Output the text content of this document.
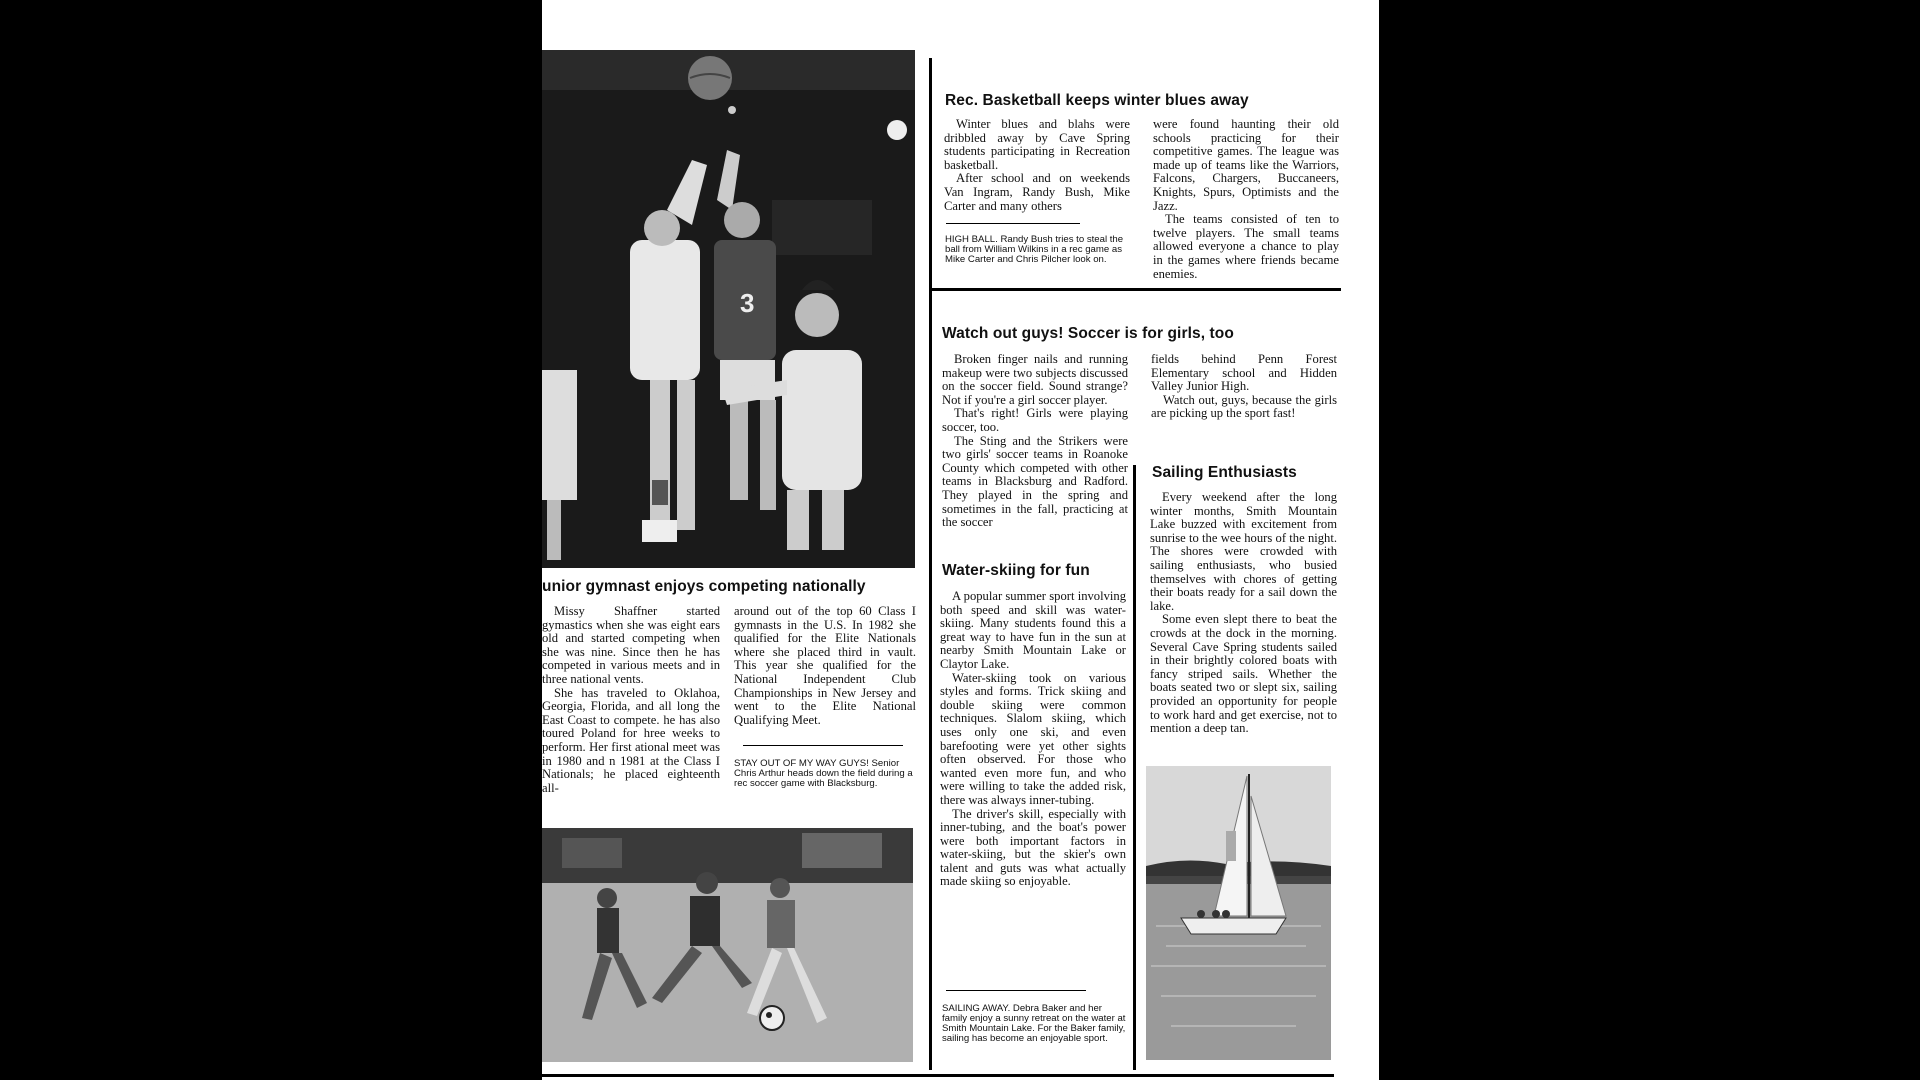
3
Rec. Basketball keeps winter blues away

Winter blues and blahs were dribbled away by Cave Spring students participating in Recreation basketball.

After school and on weekends Van Ingram, Randy Bush, Mike Carter and many others

were found haunting their old schools practicing for their competitive games. The league was made up of teams like the Warriors, Falcons, Chargers, Buccaneers, Knights, Spurs, Optimists and the Jazz.

The teams consisted of ten to twelve players. The small teams allowed everyone a chance to play in the games where friends became enemies.

HIGH BALL. Randy Bush tries to steal the ball from William Wilkins in a rec game as Mike Carter and Chris Pilcher look on.

Watch out guys! Soccer is for girls, too

Broken finger nails and running makeup were two subjects discussed on the soccer field. Sound strange? Not if you're a girl soccer player.

That's right! Girls were playing soccer, too.

The Sting and the Strikers were two girls' soccer teams in Roanoke County which competed with other teams in Blacksburg and Radford. They played in the spring and sometimes in the fall, practicing at the soccer

fields behind Penn Forest Elementary school and Hidden Valley Junior High.

Watch out, guys, because the girls are picking up the sport fast!

STAY OUT OF MY WAY GUYS! Senior Chris Arthur heads down the field during a rec soccer game with Blacksburg.

unior gymnast enjoys competing nationally

Missy Shaffner started gymastics when she was eight ears old and started competing when she was nine. Since then he has competed in various meets and in three national vents.

She has traveled to Oklahoa, Georgia, Florida, and all long the East Coast to compete. he has also toured Poland for hree weeks to perform. Her first ational meet was in 1980 and n 1981 at the Class I Nationals; he placed eighteenth all-

around out of the top 60 Class I gymnasts in the U.S. In 1982 she qualified for the Elite Nationals where she placed third in vault. This year she qualified for the National Independent Club Championships in New Jersey and went to the Elite National Qualifying Meet.

Water-skiing for fun

A popular summer sport involving both speed and skill was water-skiing. Many students found this a great way to have fun in the sun at nearby Smith Mountain Lake or Claytor Lake.

Water-skiing took on various styles and forms. Trick skiing and double skiing were common techniques. Slalom skiing, which uses only one ski, and even barefooting were yet other sights often observed. For those who wanted even more fun, and who were willing to take the added risk, there was always inner-tubing.

The driver's skill, especially with inner-tubing, and the boat's power were both important factors in water-skiing, but the skier's own talent and guts was what actually made skiing so enjoyable.

Sailing Enthusiasts

Every weekend after the long winter months, Smith Mountain Lake buzzed with excitement from sunrise to the wee hours of the night. The shores were crowded with sailing enthusiasts, who busied themselves with chores of getting their boats ready for a sail down the lake.

Some even slept there to beat the crowds at the dock in the morning. Several Cave Spring students sailed in their brightly colored boats with fancy striped sails. Whether the boats seated two or slept six, sailing provided an opportunity for people to work hard and get exercise, not to mention a deep tan.

SAILING AWAY. Debra Baker and her family enjoy a sunny retreat on the water at Smith Mountain Lake. For the Baker family, sailing has become an enjoyable sport.
